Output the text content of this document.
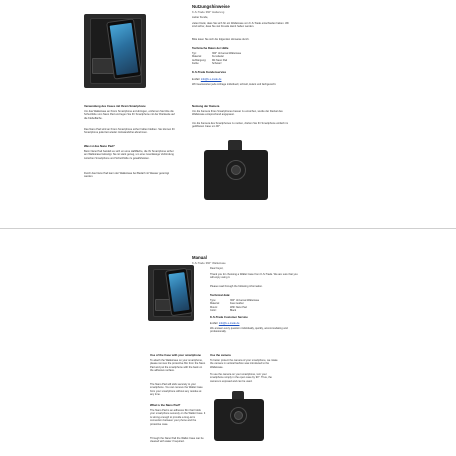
Nutzungshinweise
K-S-Trade 360° Halterung
Lieber Kunde,
vielen Dank, dass Sie sich für ein Walletcase von K-S-Trade entschieden haben. Wir sind sicher, dass Sie viel Freude damit haben werden.
Bitte lesen Sie sich die folgenden Hinweise durch.
Technische Daten der Hülle
Typ:	360° Universal Walletcase
Material:	Kunstleder
Aufhängung:	Mit Nano Pad
Farbe:	Schwarz
K-S-Trade Kundenservice
E-Mail: info@k-s-trade.de
Wir beantworten jede Anfrage individuell, schnell, kulant und fachgerecht.
Verwendung des Cases mit Ihrem Smartphone
Um das Walletcase an Ihrem Smartphone anzubringen, entfernen Sie bitte die Schutzfolie vom Nano Pad und legen Sie Ihr Smartphone mit der Rückseite auf die Klebefläche.
Das Nano Pad wird an Ihrem Smartphone sicher haften bleiben. Sie können Ihr Smartphone jederzeit wieder rückstandsfrei abnehmen.
Was ist das Nano Pad?
Beim Nano Pad handelt es sich um eine Haftfläche, die Ihr Smartphone sicher am Walletcase befestigt. Sie ist stark genug, um eine zuverlässige Verbindung zwischen Smartphone und Schutzhülle zu gewährleisten.
Durch das Nano Pad kann der Walletcase bei Bedarf mit Wasser gereinigt werden.
Nutzung der Kamera
Um die Kamera Ihres Smartphones besser zu erreichen, wurde der Deckel des Walletcase entsprechend angepasst.
Um die Kamera des Smartphones zu nutzen, drehen Sie Ihr Smartphone einfach im geöffneten Case um 90°.
Manual
K-S-Trade 360° Walletcase
Dear buyer,
Thank you for choosing a Wallet Case from K-S-Trade. We are sure that you will enjoy using it.
Please read through the following information.
Technical data:
Type:	360° Universal Walletcase
Material:	Faux leather
Mount:	With Nano Pad
Color:	Black
K-S-Trade Customer Service
E-Mail: info@k-s-trade.de
We answer every question individually, quickly, accommodating and professionally.
Use of the Case with your smartphone
To attach the Walletcase on your smartphone, please remove the protective film from the Nano Pad and put the smartphone with the back on the adhesive surface.
The Nano Pad will stick securely to your smartphone. You can remove the Wallet Case from your smartphone without any residue at any time.
What is the Nano Pad?
The Nano Pad is an adhesive film that holds your smartphone securely on the Wallet Case. It is strong enough to provide a long-term connection between your phone and the protective case.
Through the Nano Pad the Wallet Case can be cleaned with water if required.
Use the camera
To better protect the camera of your smartphone, we rotate the camera in vertical fashion was introduced to the Walletcase.
To use the camera on your smartphone, turn your smartphone simply in the open case by 90°. Thus, the camera is exposed and can be used.
